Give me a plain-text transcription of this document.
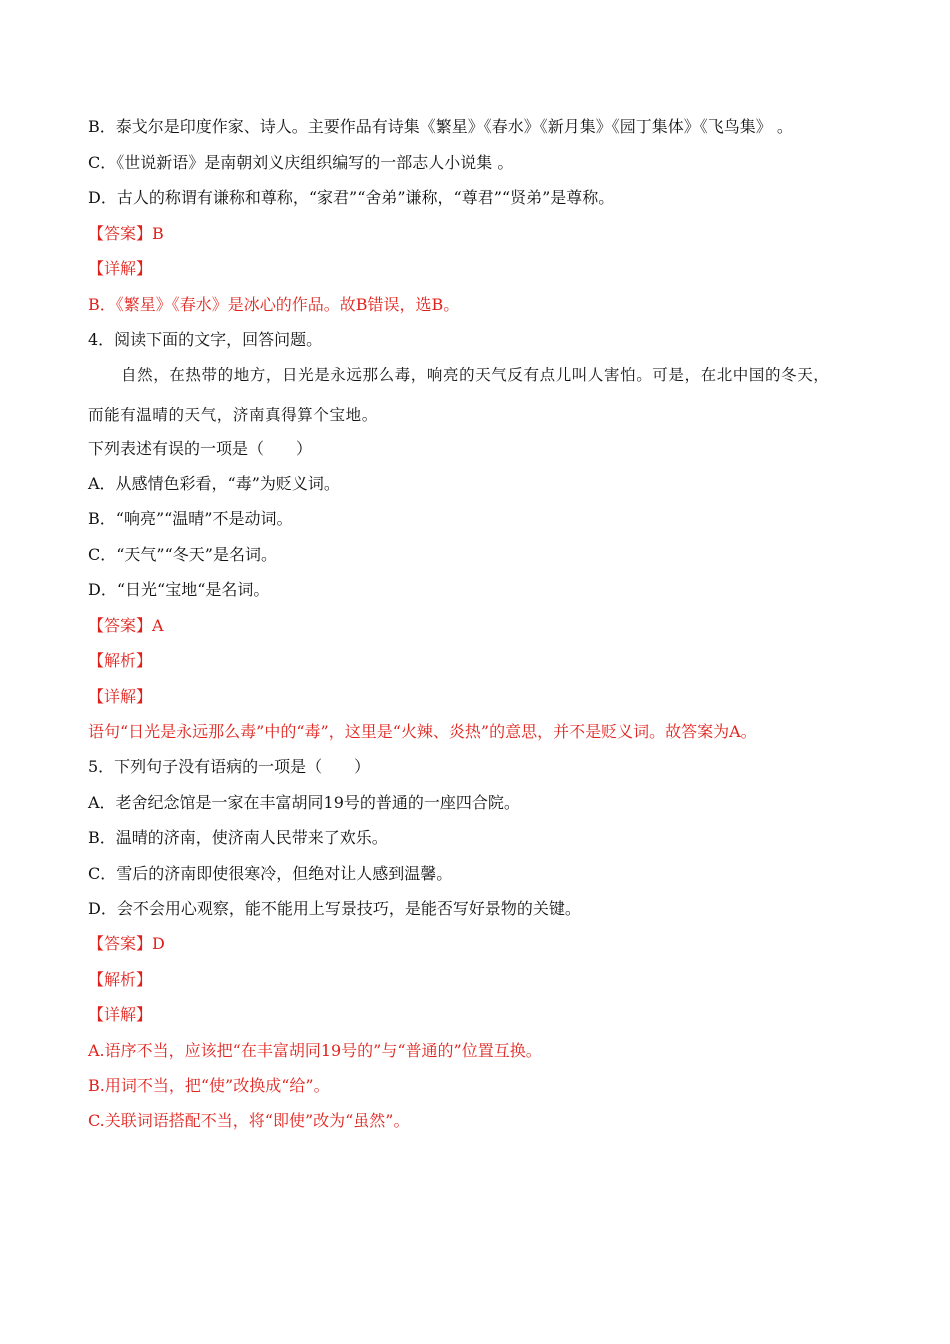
B．泰戈尔是印度作家、诗人。主要作品有诗集《繁星》《春水》《新月集》《园丁集体》《飞鸟集》 。
C．《世说新语》是南朝刘义庆组织编写的一部志人小说集 。
D．古人的称谓有谦称和尊称，“家君”“舍弟”谦称，“尊君”“贤弟”是尊称。
【答案】B
【详解】
B．《繁星》《春水》是冰心的作品。故B错误，选B。
4．阅读下面的文字，回答问题。
自然，在热带的地方，日光是永远那么毒，响亮的天气反有点儿叫人害怕。可是，在北中国的冬天，
而能有温晴的天气，济南真得算个宝地。
下列表述有误的一项是（　　）
A．从感情色彩看，“毒”为贬义词。
B．“响亮”“温晴”不是动词。
C．“天气”“冬天”是名词。
D．“日光“宝地“是名词。
【答案】A
【解析】
【详解】
语句“日光是永远那么毒”中的“毒”，这里是“火辣、炎热”的意思，并不是贬义词。故答案为A。
5．下列句子没有语病的一项是（　　）
A．老舍纪念馆是一家在丰富胡同19号的普通的一座四合院。
B．温晴的济南，使济南人民带来了欢乐。
C．雪后的济南即使很寒冷，但绝对让人感到温馨。
D．会不会用心观察，能不能用上写景技巧，是能否写好景物的关键。
【答案】D
【解析】
【详解】
A.语序不当，应该把“在丰富胡同19号的”与“普通的”位置互换。
B.用词不当，把“使”改换成“给”。
C.关联词语搭配不当，将“即使”改为“虽然”。
